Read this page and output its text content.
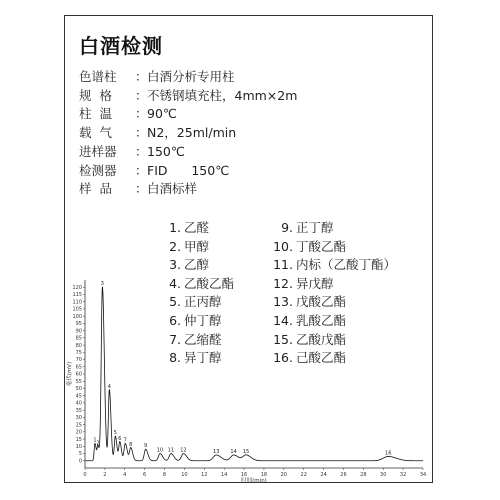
白酒检测
色谱柱	： 白酒分析专用柱
规  格	： 不锈钢填充柱，4mm×2m
柱  温	： 90℃
载  气	： N2，25ml/min
进样器	： 150℃
检测器	： FID      150℃
样  品	： 白酒标样
1. 乙醛
2. 甲醇
3. 乙醇
4. 乙酸乙酯
5. 正丙醇
6. 仲丁醇
7. 乙缩醛
8. 异丁醇
9. 正丁醇
10. 丁酸乙酯
11. 内标（乙酸丁酯）
12. 异戊醇
13. 戊酸乙酯
14. 乳酸乙酯
15. 乙酸戊酯
16. 己酸乙酯
0
5
10
15
20
25
30
35
40
45
50
55
60
65
70
75
80
85
90
95
100
105
110
115
120
0	2	4	6	8	10	12	14	16	18	20	22	24	26	28	30	32	34
1 2
3
4
5
6 7
8 9
10 11 12	13 14 15	16
时间(min)
毫伏(mV)
